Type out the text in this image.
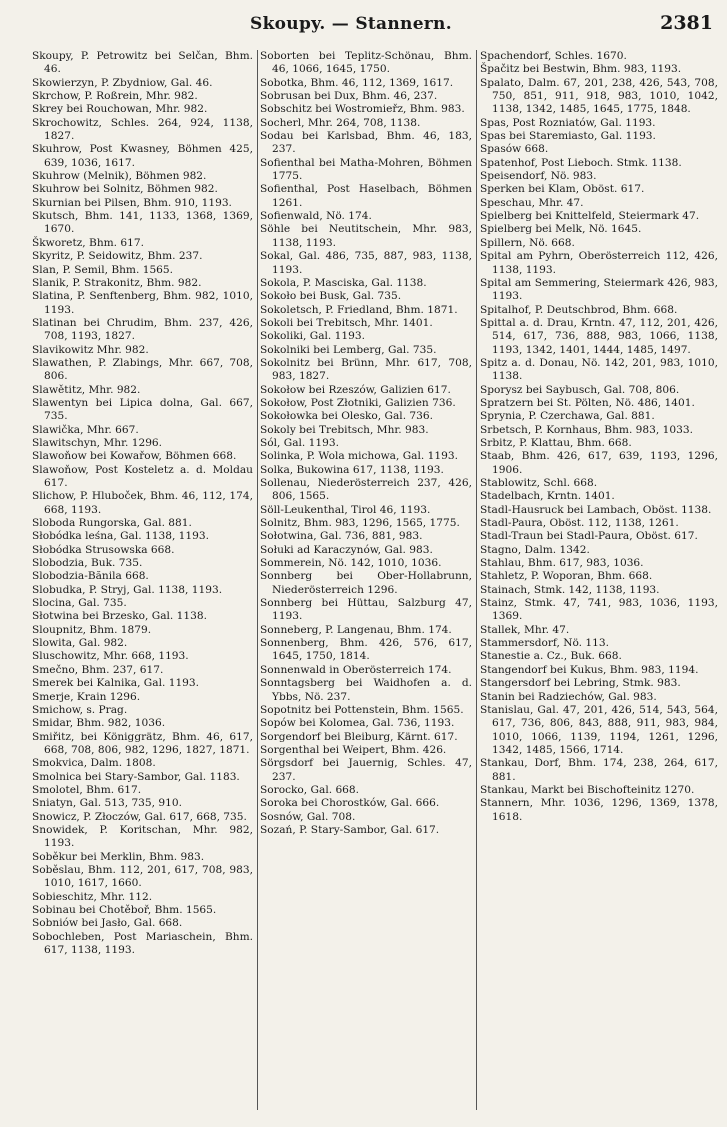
Skoupy. — Stannern.	2381

Skoupy, P. Petrowitz bei Selčan, Bhm. 46.

Skowierzyn, P. Zbydniow, Gal. 46.

Skrchow, P. Roßrein, Mhr. 982.

Skrey bei Rouchowan, Mhr. 982.

Skrochowitz, Schles. 264, 924, 1138, 1827.

Skuhrow, Post Kwasney, Böhmen 425, 639, 1036, 1617.

Skuhrow (Melnik), Böhmen 982.

Skuhrow bei Solnitz, Böhmen 982.

Skurnian bei Pilsen, Bhm. 910, 1193.

Skutsch, Bhm. 141, 1133, 1368, 1369, 1670.

Škworetz, Bhm. 617.

Skyritz, P. Seidowitz, Bhm. 237.

Slan, P. Semil, Bhm. 1565.

Slanik, P. Strakonitz, Bhm. 982.

Slatina, P. Senftenberg, Bhm. 982, 1010, 1193.

Slatinan bei Chrudim, Bhm. 237, 426, 708, 1193, 1827.

Slavikowitz Mhr. 982.

Slawathen, P. Zlabings, Mhr. 667, 708, 806.

Slawětitz, Mhr. 982.

Slawentyn bei Lipica dolna, Gal. 667, 735.

Slawička, Mhr. 667.

Slawitschyn, Mhr. 1296.

Slawoňow bei Kowařow, Böhmen 668.

Slawoňow, Post Kosteletz a. d. Moldau 617.

Slichow, P. Hluboček, Bhm. 46, 112, 174, 668, 1193.

Sloboda Rungorska, Gal. 881.

Słobódka leśna, Gal. 1138, 1193.

Słobódka Strusowska 668.

Slobodzia, Buk. 735.

Slobodzia-Bănila 668.

Slobudka, P. Stryj, Gal. 1138, 1193.

Slocina, Gal. 735.

Słotwina bei Brzesko, Gal. 1138.

Sloupnitz, Bhm. 1879.

Slowita, Gal. 982.

Sluschowitz, Mhr. 668, 1193.

Smečno, Bhm. 237, 617.

Smerek bei Kalnika, Gal. 1193.

Smerje, Krain 1296.

Smichow, s. Prag.

Smidar, Bhm. 982, 1036.

Smiřitz, bei Königgrätz, Bhm. 46, 617, 668, 708, 806, 982, 1296, 1827, 1871.

Smokvica, Dalm. 1808.

Smolnica bei Stary-Sambor, Gal. 1183.

Smolotel, Bhm. 617.

Sniatyn, Gal. 513, 735, 910.

Snowicz, P. Złoczów, Gal. 617, 668, 735.

Snowidek, P. Koritschan, Mhr. 982, 1193.

Soběkur bei Merklin, Bhm. 983.

Soběslau, Bhm. 112, 201, 617, 708, 983, 1010, 1617, 1660.

Sobieschitz, Mhr. 112.

Sobinau bei Chotěboř, Bhm. 1565.

Sobniów bei Jasło, Gal. 668.

Sobochleben, Post Mariaschein, Bhm. 617, 1138, 1193.

Soborten bei Teplitz-Schönau, Bhm. 46, 1066, 1645, 1750.

Sobotka, Bhm. 46, 112, 1369, 1617.

Sobrusan bei Dux, Bhm. 46, 237.

Sobschitz bei Wostromieřz, Bhm. 983.

Socherl, Mhr. 264, 708, 1138.

Sodau bei Karlsbad, Bhm. 46, 183, 237.

Sofienthal bei Matha-Mohren, Böhmen 1775.

Sofienthal, Post Haselbach, Böhmen 1261.

Sofienwald, Nö. 174.

Söhle bei Neutitschein, Mhr. 983, 1138, 1193.

Sokal, Gal. 486, 735, 887, 983, 1138, 1193.

Sokola, P. Masciska, Gal. 1138.

Sokoło bei Busk, Gal. 735.

Sokoletsch, P. Friedland, Bhm. 1871.

Sokoli bei Trebitsch, Mhr. 1401.

Sokoliki, Gal. 1193.

Sokolniki bei Lemberg, Gal. 735.

Sokolnitz bei Brünn, Mhr. 617, 708, 983, 1827.

Sokołow bei Rzeszów, Galizien 617.

Sokołow, Post Złotniki, Galizien 736.

Sokołowka bei Olesko, Gal. 736.

Sokoly bei Trebitsch, Mhr. 983.

Sól, Gal. 1193.

Solinka, P. Wola michowa, Gal. 1193.

Solka, Bukowina 617, 1138, 1193.

Sollenau, Niederösterreich 237, 426, 806, 1565.

Söll-Leukenthal, Tirol 46, 1193.

Solnitz, Bhm. 983, 1296, 1565, 1775.

Sołotwina, Gal. 736, 881, 983.

Sołuki ad Karaczynów, Gal. 983.

Sommerein, Nö. 142, 1010, 1036.

Sonnberg bei Ober-Hollabrunn, Niederösterreich 1296.

Sonnberg bei Hüttau, Salzburg 47, 1193.

Sonneberg, P. Langenau, Bhm. 174.

Sonnenberg, Bhm. 426, 576, 617, 1645, 1750, 1814.

Sonnenwald in Oberösterreich 174.

Sonntagsberg bei Waidhofen a. d. Ybbs, Nö. 237.

Sopotnitz bei Pottenstein, Bhm. 1565.

Sopów bei Kolomea, Gal. 736, 1193.

Sorgendorf bei Bleiburg, Kärnt. 617.

Sorgenthal bei Weipert, Bhm. 426.

Sörgsdorf bei Jauernig, Schles. 47, 237.

Sorocko, Gal. 668.

Soroka bei Chorostków, Gal. 666.

Sosnów, Gal. 708.

Sozań, P. Stary-Sambor, Gal. 617.

Spachendorf, Schles. 1670.

Špačitz bei Bestwin, Bhm. 983, 1193.

Spalato, Dalm. 67, 201, 238, 426, 543, 708, 750, 851, 911, 918, 983, 1010, 1042, 1138, 1342, 1485, 1645, 1775, 1848.

Spas, Post Rozniatów, Gal. 1193.

Spas bei Staremiasto, Gal. 1193.

Spasów 668.

Spatenhof, Post Lieboch. Stmk. 1138.

Speisendorf, Nö. 983.

Sperken bei Klam, Oböst. 617.

Speschau, Mhr. 47.

Spielberg bei Knittelfeld, Steiermark 47.

Spielberg bei Melk, Nö. 1645.

Spillern, Nö. 668.

Spital am Pyhrn, Oberösterreich 112, 426, 1138, 1193.

Spital am Semmering, Steiermark 426, 983, 1193.

Spitalhof, P. Deutschbrod, Bhm. 668.

Spittal a. d. Drau, Krntn. 47, 112, 201, 426, 514, 617, 736, 888, 983, 1066, 1138, 1193, 1342, 1401, 1444, 1485, 1497.

Spitz a. d. Donau, Nö. 142, 201, 983, 1010, 1138.

Sporysz bei Saybusch, Gal. 708, 806.

Spratzern bei St. Pölten, Nö. 486, 1401.

Sprynia, P. Czerchawa, Gal. 881.

Srbetsch, P. Kornhaus, Bhm. 983, 1033.

Srbitz, P. Klattau, Bhm. 668.

Staab, Bhm. 426, 617, 639, 1193, 1296, 1906.

Stablowitz, Schl. 668.

Stadelbach, Krntn. 1401.

Stadl-Hausruck bei Lambach, Oböst. 1138.

Stadl-Paura, Oböst. 112, 1138, 1261.

Stadl-Traun bei Stadl-Paura, Oböst. 617.

Stagno, Dalm. 1342.

Stahlau, Bhm. 617, 983, 1036.

Stahletz, P. Woporan, Bhm. 668.

Stainach, Stmk. 142, 1138, 1193.

Stainz, Stmk. 47, 741, 983, 1036, 1193, 1369.

Stallek, Mhr. 47.

Stammersdorf, Nö. 113.

Stanestie a. Cz., Buk. 668.

Stangendorf bei Kukus, Bhm. 983, 1194.

Stangersdorf bei Lebring, Stmk. 983.

Stanin bei Radziechów, Gal. 983.

Stanislau, Gal. 47, 201, 426, 514, 543, 564, 617, 736, 806, 843, 888, 911, 983, 984, 1010, 1066, 1139, 1194, 1261, 1296, 1342, 1485, 1566, 1714.

Stankau, Dorf, Bhm. 174, 238, 264, 617, 881.

Stankau, Markt bei Bischofteinitz 1270.

Stannern, Mhr. 1036, 1296, 1369, 1378, 1618.
